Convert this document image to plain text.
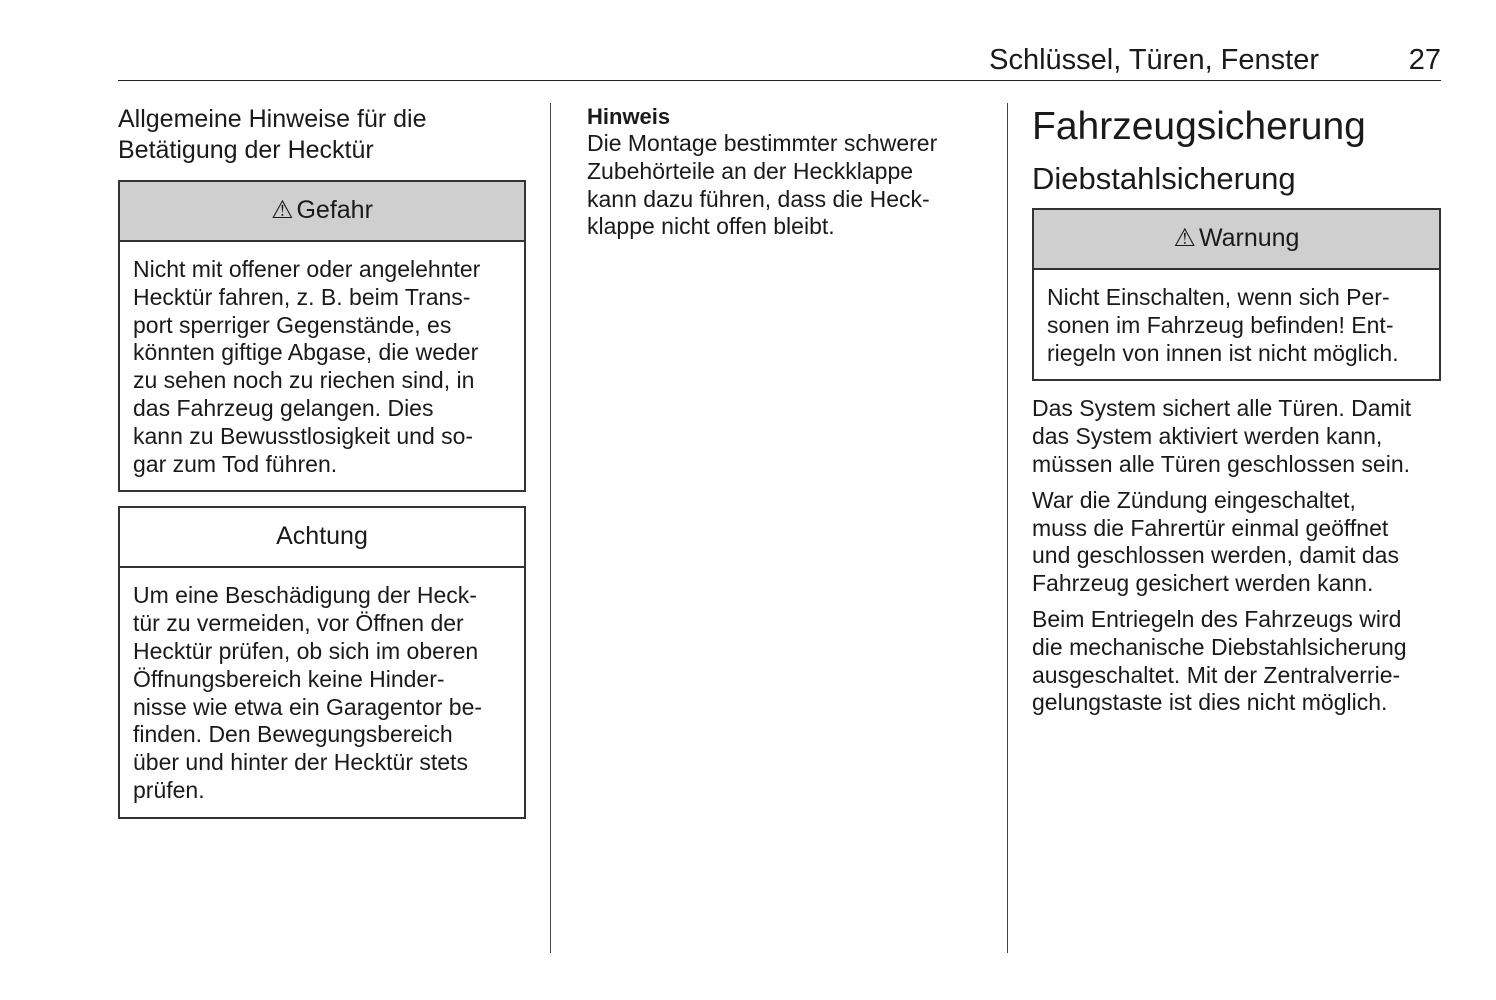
Schlüssel, Türen, Fenster	27
Allgemeine Hinweise für die
Betätigung der Hecktür
⚠ Gefahr
Nicht mit offener oder angelehnter
Hecktür fahren, z. B. beim Trans-
port sperriger Gegenstände, es
könnten giftige Abgase, die weder
zu sehen noch zu riechen sind, in
das Fahrzeug gelangen. Dies
kann zu Bewusstlosigkeit und so-
gar zum Tod führen.
Achtung
Um eine Beschädigung der Heck-
tür zu vermeiden, vor Öffnen der
Hecktür prüfen, ob sich im oberen
Öffnungsbereich keine Hinder-
nisse wie etwa ein Garagentor be-
finden. Den Bewegungsbereich
über und hinter der Hecktür stets
prüfen.
Hinweis
Die Montage bestimmter schwerer
Zubehörteile an der Heckklappe
kann dazu führen, dass die Heck-
klappe nicht offen bleibt.
Fahrzeugsicherung
Diebstahlsicherung
⚠ Warnung
Nicht Einschalten, wenn sich Per-
sonen im Fahrzeug befinden! Ent-
riegeln von innen ist nicht möglich.
Das System sichert alle Türen. Damit
das System aktiviert werden kann,
müssen alle Türen geschlossen sein.
War die Zündung eingeschaltet,
muss die Fahrertür einmal geöffnet
und geschlossen werden, damit das
Fahrzeug gesichert werden kann.
Beim Entriegeln des Fahrzeugs wird
die mechanische Diebstahlsicherung
ausgeschaltet. Mit der Zentralverrie-
gelungstaste ist dies nicht möglich.
